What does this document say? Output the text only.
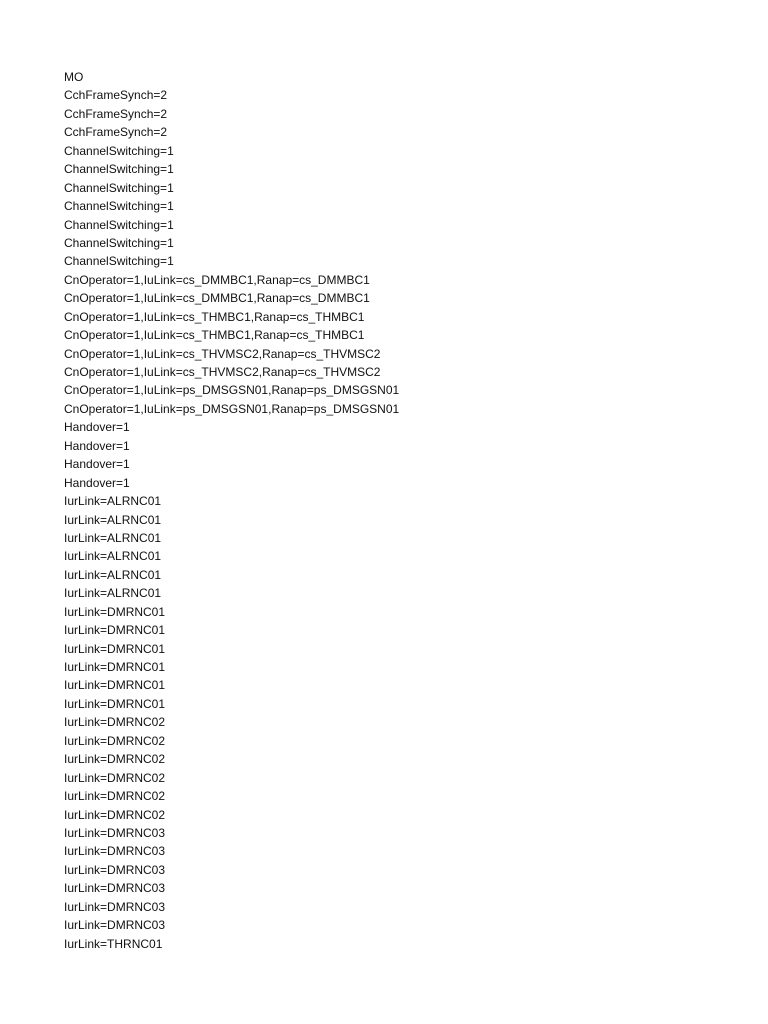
MO
CchFrameSynch=2
CchFrameSynch=2
CchFrameSynch=2
ChannelSwitching=1
ChannelSwitching=1
ChannelSwitching=1
ChannelSwitching=1
ChannelSwitching=1
ChannelSwitching=1
ChannelSwitching=1
CnOperator=1,IuLink=cs_DMMBC1,Ranap=cs_DMMBC1
CnOperator=1,IuLink=cs_DMMBC1,Ranap=cs_DMMBC1
CnOperator=1,IuLink=cs_THMBC1,Ranap=cs_THMBC1
CnOperator=1,IuLink=cs_THMBC1,Ranap=cs_THMBC1
CnOperator=1,IuLink=cs_THVMSC2,Ranap=cs_THVMSC2
CnOperator=1,IuLink=cs_THVMSC2,Ranap=cs_THVMSC2
CnOperator=1,IuLink=ps_DMSGSN01,Ranap=ps_DMSGSN01
CnOperator=1,IuLink=ps_DMSGSN01,Ranap=ps_DMSGSN01
Handover=1
Handover=1
Handover=1
Handover=1
IurLink=ALRNC01
IurLink=ALRNC01
IurLink=ALRNC01
IurLink=ALRNC01
IurLink=ALRNC01
IurLink=ALRNC01
IurLink=DMRNC01
IurLink=DMRNC01
IurLink=DMRNC01
IurLink=DMRNC01
IurLink=DMRNC01
IurLink=DMRNC01
IurLink=DMRNC02
IurLink=DMRNC02
IurLink=DMRNC02
IurLink=DMRNC02
IurLink=DMRNC02
IurLink=DMRNC02
IurLink=DMRNC03
IurLink=DMRNC03
IurLink=DMRNC03
IurLink=DMRNC03
IurLink=DMRNC03
IurLink=DMRNC03
IurLink=THRNC01
